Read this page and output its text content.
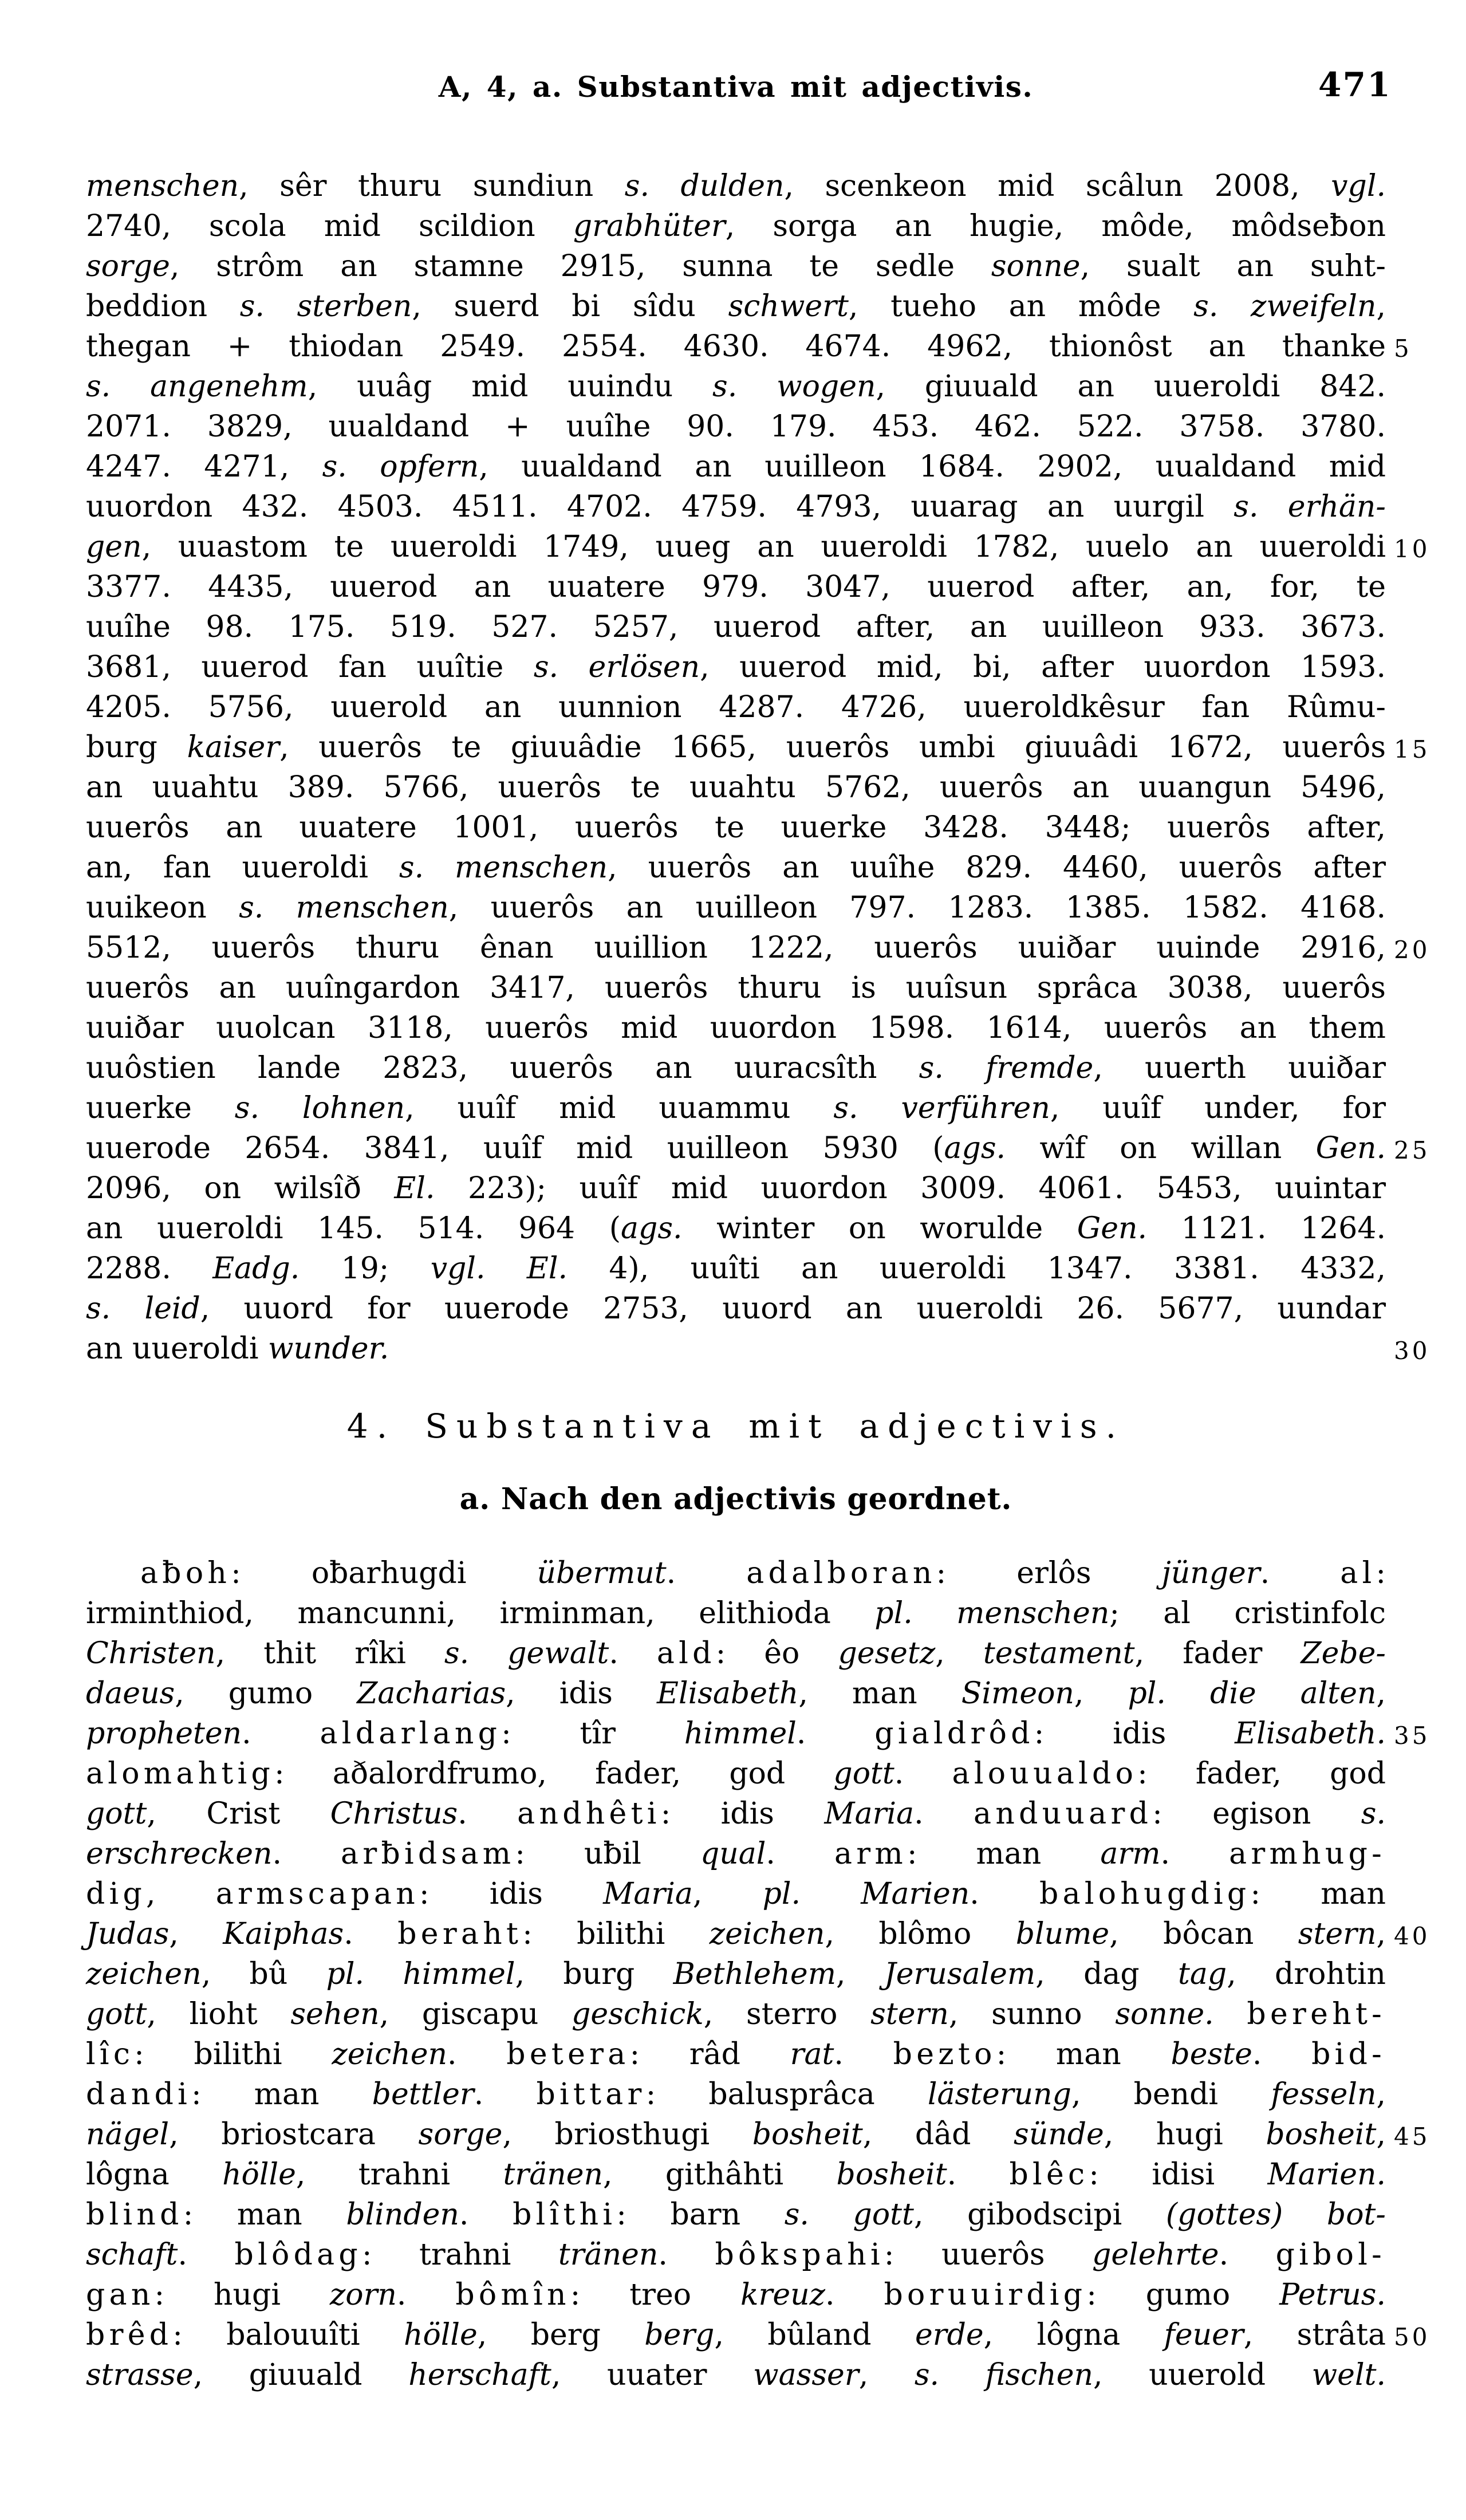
A, 4, a. Substantiva mit adjectivis.	471
menschen, sêr thuru sundiun s. dulden, scenkeon mid scâlun 2008, vgl.
2740, scola mid scildion grabhüter, sorga an hugie, môde, môdseƀon
sorge, strôm an stamne 2915, sunna te sedle sonne, sualt an suht-
beddion s. sterben, suerd bi sîdu schwert, tueho an môde s. zweifeln,
thegan + thiodan 2549. 2554. 4630. 4674. 4962, thionôst an thanke 5
s. angenehm, uuâg mid uuindu s. wogen, giuuald an uueroldi 842.
2071. 3829, uualdand + uuîhe 90. 179. 453. 462. 522. 3758. 3780.
4247. 4271, s. opfern, uualdand an uuilleon 1684. 2902, uualdand mid
uuordon 432. 4503. 4511. 4702. 4759. 4793, uuarag an uurgil s. erhän-
gen, uuastom te uueroldi 1749, uueg an uueroldi 1782, uuelo an uueroldi 10
3377. 4435, uuerod an uuatere 979. 3047, uuerod after, an, for, te
uuîhe 98. 175. 519. 527. 5257, uuerod after, an uuilleon 933. 3673.
3681, uuerod fan uuîtie s. erlösen, uuerod mid, bi, after uuordon 1593.
4205. 5756, uuerold an uunnion 4287. 4726, uueroldkêsur fan Rûmu-
burg kaiser, uuerôs te giuuâdie 1665, uuerôs umbi giuuâdi 1672, uuerôs 15
an uuahtu 389. 5766, uuerôs te uuahtu 5762, uuerôs an uuangun 5496,
uuerôs an uuatere 1001, uuerôs te uuerke 3428. 3448; uuerôs after,
an, fan uueroldi s. menschen, uuerôs an uuîhe 829. 4460, uuerôs after
uuikeon s. menschen, uuerôs an uuilleon 797. 1283. 1385. 1582. 4168.
5512, uuerôs thuru ênan uuillion 1222, uuerôs uuiðar uuinde 2916, 20
uuerôs an uuîngardon 3417, uuerôs thuru is uuîsun sprâca 3038, uuerôs
uuiðar uuolcan 3118, uuerôs mid uuordon 1598. 1614, uuerôs an them
uuôstien lande 2823, uuerôs an uuracsîth s. fremde, uuerth uuiðar
uuerke s. lohnen, uuîf mid uuammu s. verführen, uuîf under, for
uuerode 2654. 3841, uuîf mid uuilleon 5930 (ags. wîf on willan Gen. 25
2096, on wilsîð El. 223); uuîf mid uuordon 3009. 4061. 5453, uuintar
an uueroldi 145. 514. 964 (ags. winter on worulde Gen. 1121. 1264.
2288. Eadg. 19; vgl. El. 4), uuîti an uueroldi 1347. 3381. 4332,
s. leid, uuord for uuerode 2753, uuord an uueroldi 26. 5677, uundar
an uueroldi wunder.	30
4. Substantiva mit adjectivis.
a. Nach den adjectivis geordnet.
aƀoh: oƀarhugdi übermut. adalboran: erlôs jünger. al:
irminthiod, mancunni, irminman, elithioda pl. menschen; al cristinfolc
Christen, thit rîki s. gewalt. ald: êo gesetz, testament, fader Zebe-
daeus, gumo Zacharias, idis Elisabeth, man Simeon, pl. die alten,
propheten. aldarlang: tîr himmel. gialdrôd: idis Elisabeth. 35
alomahtig: aðalordfrumo, fader, god gott. alouualdo: fader, god
gott, Crist Christus. andhêti: idis Maria. anduuard: egison s.
erschrecken. arƀidsam: uƀil qual. arm: man arm. armhug-
dig, armscapan: idis Maria, pl. Marien. balohugdig: man
Judas, Kaiphas. beraht: bilithi zeichen, blômo blume, bôcan stern, 40
zeichen, bû pl. himmel, burg Bethlehem, Jerusalem, dag tag, drohtin
gott, lioht sehen, giscapu geschick, sterro stern, sunno sonne. bereht-
lîc: bilithi zeichen. betera: râd rat. bezto: man beste. bid-
dandi: man bettler. bittar: balusprâca lästerung, bendi fesseln,
nägel, briostcara sorge, briosthugi bosheit, dâd sünde, hugi bosheit, 45
lôgna hölle, trahni tränen, githâhti bosheit. blêc: idisi Marien.
blind: man blinden. blîthi: barn s. gott, gibodscipi (gottes) bot-
schaft. blôdag: trahni tränen. bôkspahi: uuerôs gelehrte. gibol-
gan: hugi zorn. bômîn: treo kreuz. boruuirdig: gumo Petrus.
brêd: balouuîti hölle, berg berg, bûland erde, lôgna feuer, strâta 50
strasse, giuuald herschaft, uuater wasser, s. fischen, uuerold welt.
